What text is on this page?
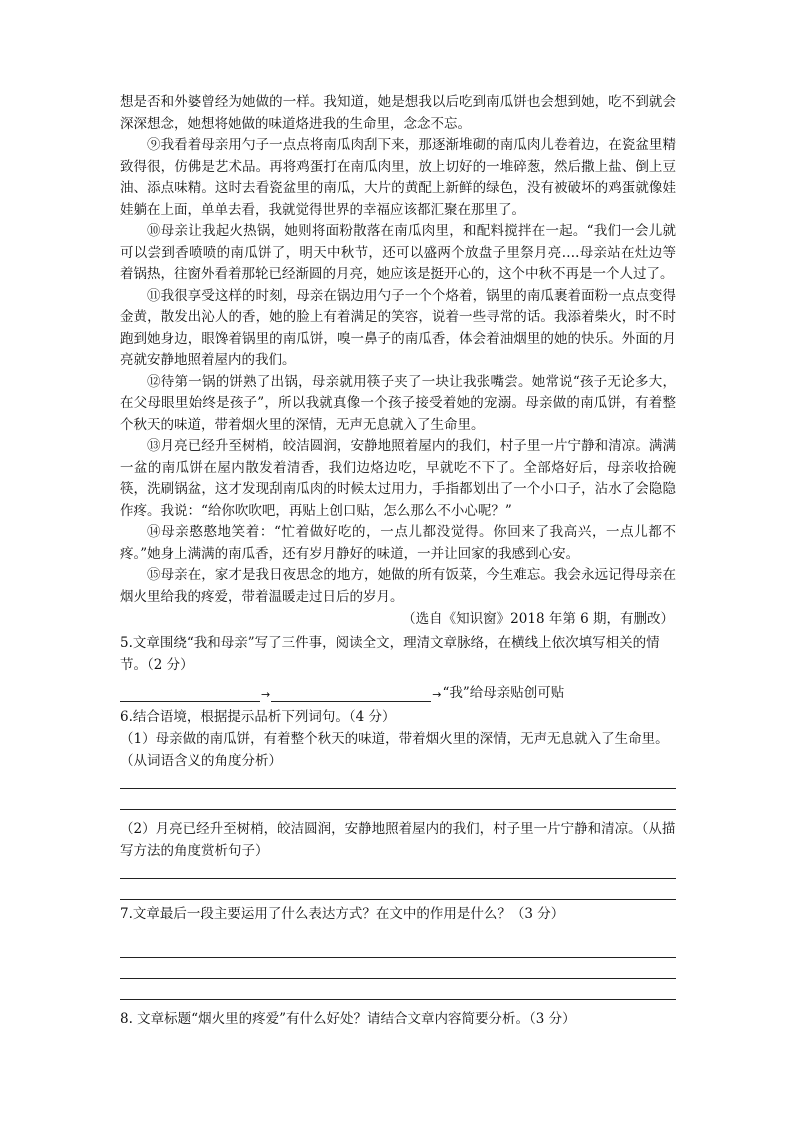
想是否和外婆曾经为她做的一样。我知道，她是想我以后吃到南瓜饼也会想到她，吃不到就会深深想念，她想将她做的味道烙进我的生命里，念念不忘。

⑨我看着母亲用勺子一点点将南瓜肉刮下来，那逐渐堆砌的南瓜肉儿卷着边，在瓷盆里精致得很，仿佛是艺术品。再将鸡蛋打在南瓜肉里，放上切好的一堆碎葱，然后撒上盐、倒上豆油、添点味精。这时去看瓷盆里的南瓜，大片的黄配上新鲜的绿色，没有被破坏的鸡蛋就像娃娃躺在上面，单单去看，我就觉得世界的幸福应该都汇聚在那里了。

⑩母亲让我起火热锅，她则将面粉散落在南瓜肉里，和配料搅拌在一起。“我们一会儿就可以尝到香喷喷的南瓜饼了，明天中秋节，还可以盛两个放盘子里祭月亮….母亲站在灶边等着锅热，往窗外看着那轮已经渐圆的月亮，她应该是挺开心的，这个中秋不再是一个人过了。

⑪我很享受这样的时刻，母亲在锅边用勺子一个个烙着，锅里的南瓜裹着面粉一点点变得金黄，散发出沁人的香，她的脸上有着满足的笑容，说着一些寻常的话。我添着柴火，时不时跑到她身边，眼馋着锅里的南瓜饼，嗅一鼻子的南瓜香，体会着油烟里的她的快乐。外面的月亮就安静地照着屋内的我们。

⑫待第一锅的饼熟了出锅，母亲就用筷子夹了一块让我张嘴尝。她常说“孩子无论多大，在父母眼里始终是孩子”，所以我就真像一个孩子接受着她的宠溺。母亲做的南瓜饼，有着整个秋天的味道，带着烟火里的深情，无声无息就入了生命里。

⑬月亮已经升至树梢，皎洁圆润，安静地照着屋内的我们，村子里一片宁静和清凉。满满一盆的南瓜饼在屋内散发着清香，我们边烙边吃，早就吃不下了。全部烙好后，母亲收拾碗筷，洗刷锅盆，这才发现刮南瓜肉的时候太过用力，手指都划出了一个小口子，沾水了会隐隐作疼。我说：“给你吹吹吧，再贴上创口贴，怎么那么不小心呢？”

⑭母亲憨憨地笑着：“忙着做好吃的，一点儿都没觉得。你回来了我高兴，一点儿都不疼。”她身上满满的南瓜香，还有岁月静好的味道，一并让回家的我感到心安。

⑮母亲在，家才是我日夜思念的地方，她做的所有饭菜，今生难忘。我会永远记得母亲在烟火里给我的疼爱，带着温暖走过日后的岁月。

（选自《知识窗》2018 年第 6 期，有删改）

5.文章围绕“我和母亲”写了三件事，阅读全文，理清文章脉络，在横线上依次填写相关的情节。（2 分）

→	→ “我”给母亲贴创可贴

6.结合语境，根据提示品析下列词句。（4 分）

（1）母亲做的南瓜饼，有着整个秋天的味道，带着烟火里的深情，无声无息就入了生命里。（从词语含义的角度分析）

（2）月亮已经升至树梢，皎洁圆润，安静地照着屋内的我们，村子里一片宁静和清凉。（从描写方法的角度赏析句子）

7.文章最后一段主要运用了什么表达方式？在文中的作用是什么？（3 分）

8. 文章标题“烟火里的疼爱”有什么好处？请结合文章内容简要分析。（3 分）
